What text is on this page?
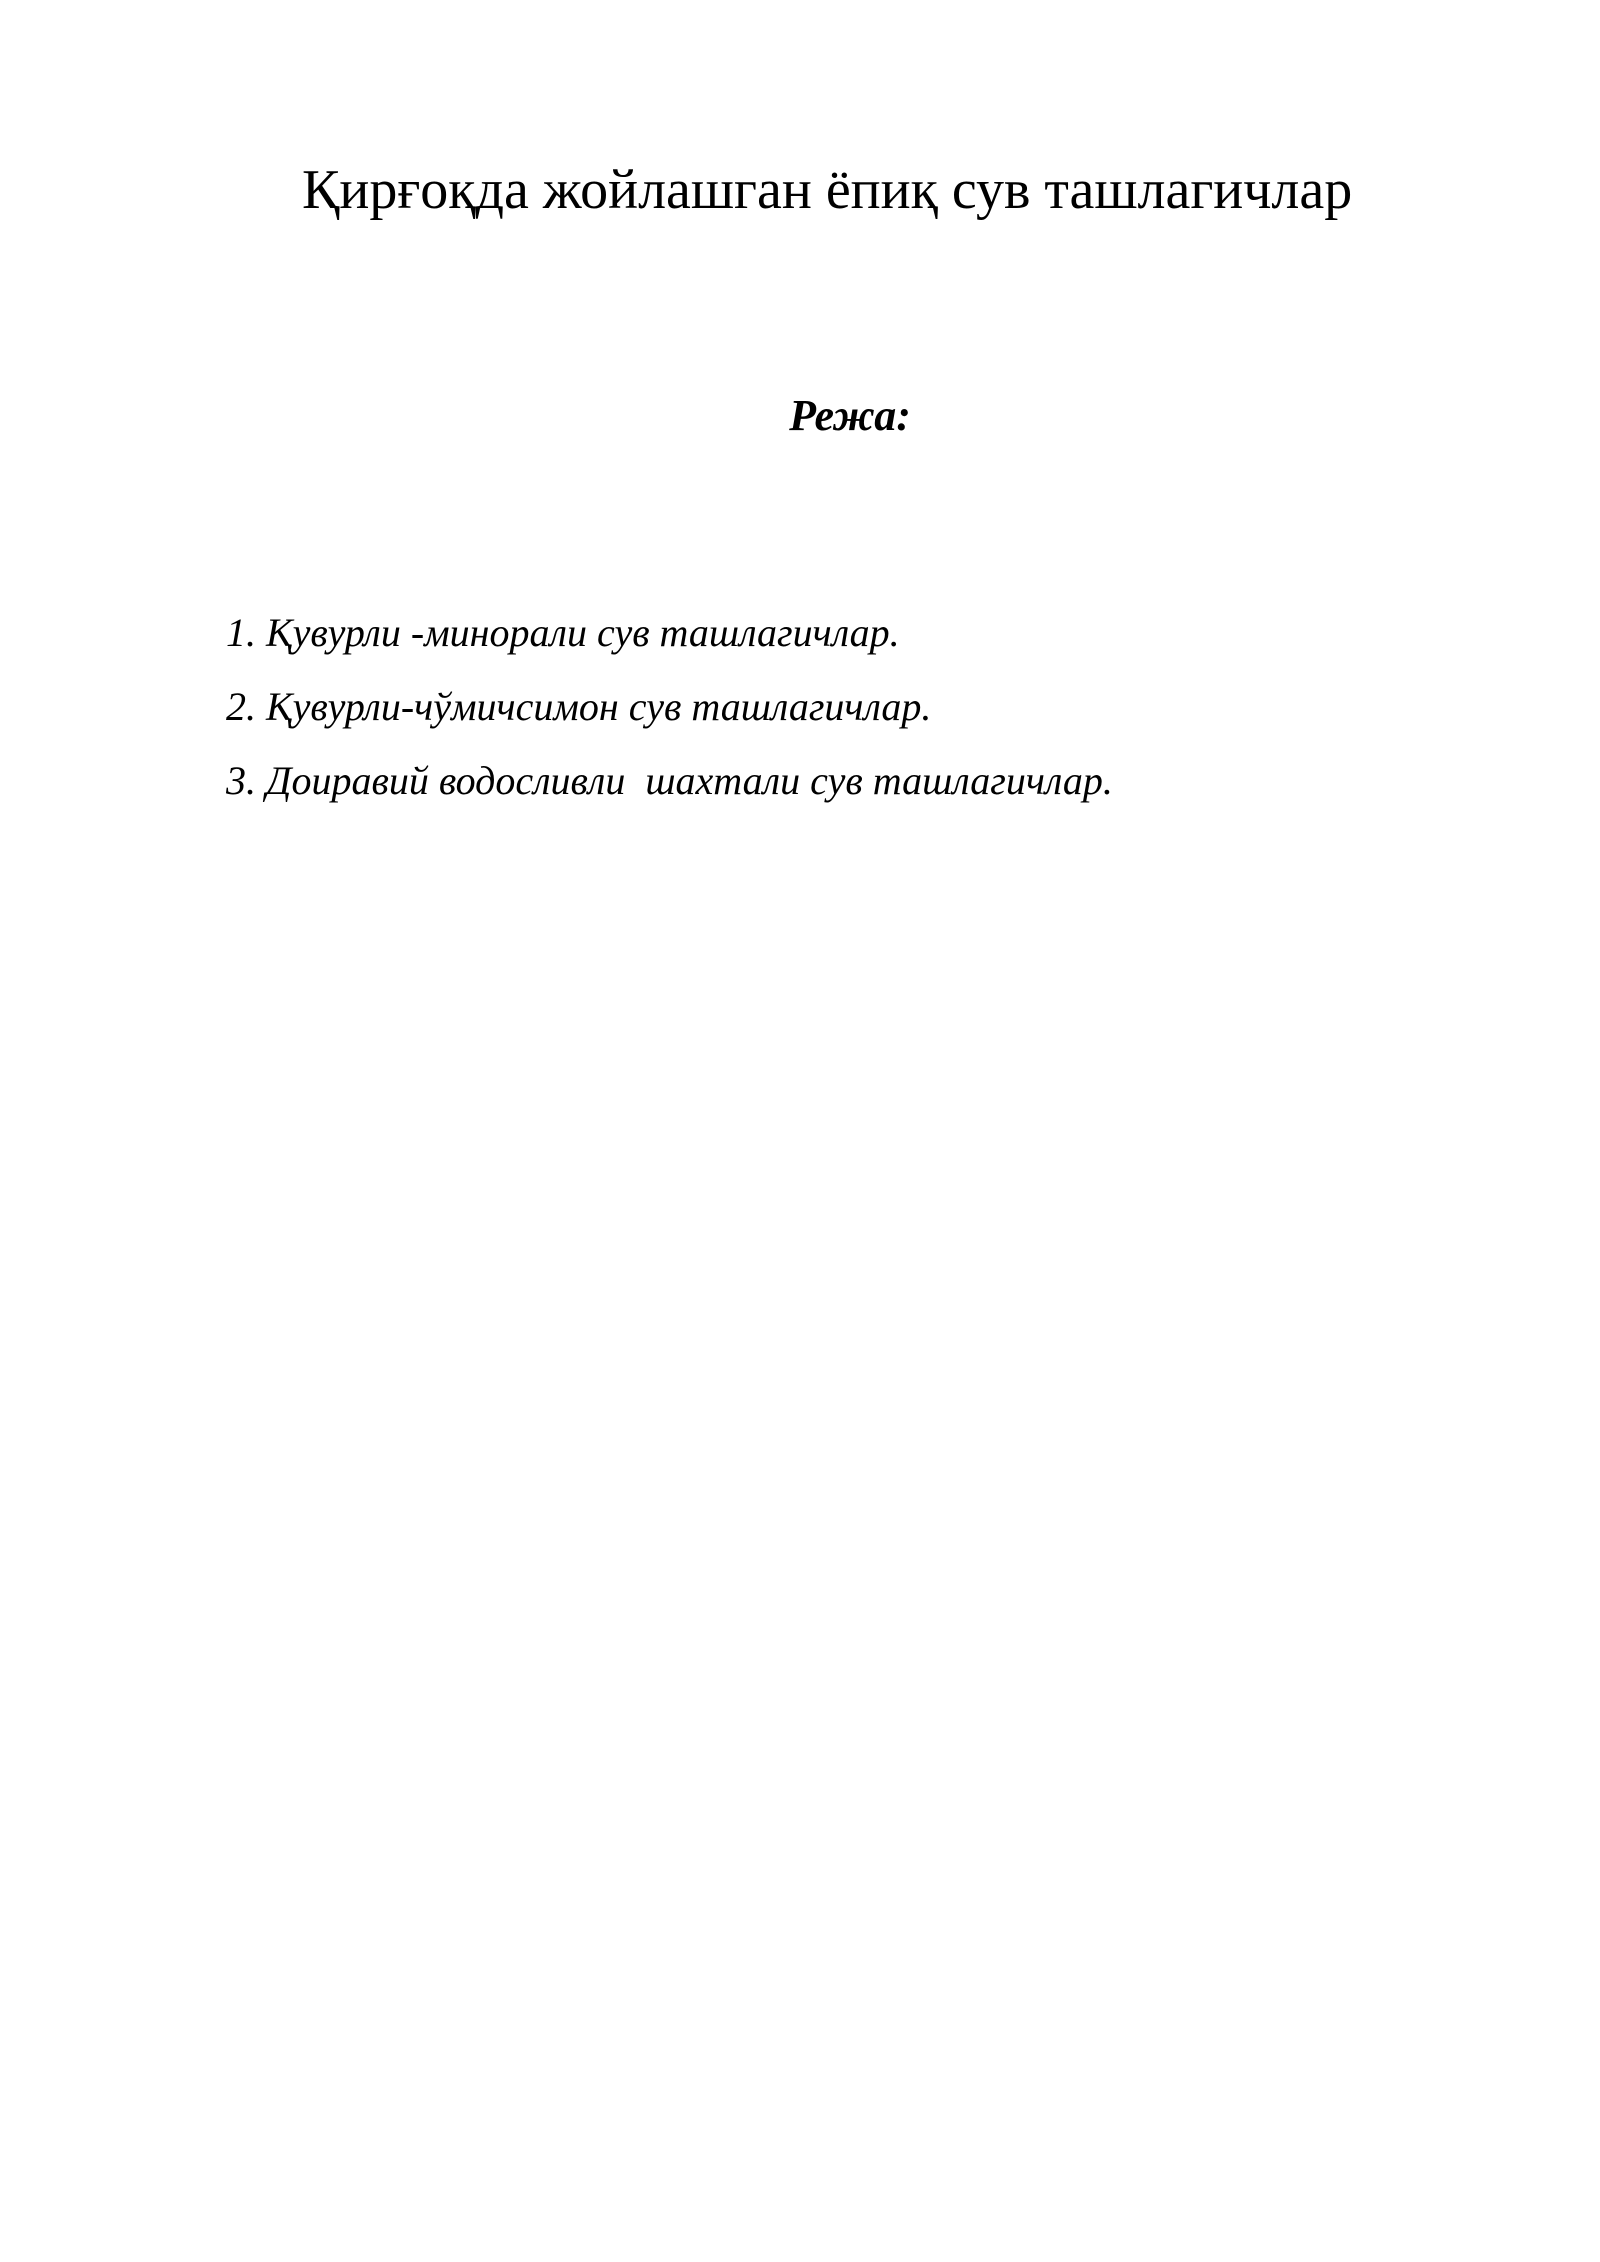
Қирғоқда жойлашган ёпиқ сув ташлагичлар
Режа:
1. Қувурли -минорали сув ташлагичлар.
2. Қувурли-чўмичсимон сув ташлагичлар.
3. Доиравий водосливли  шахтали сув ташлагичлар.
